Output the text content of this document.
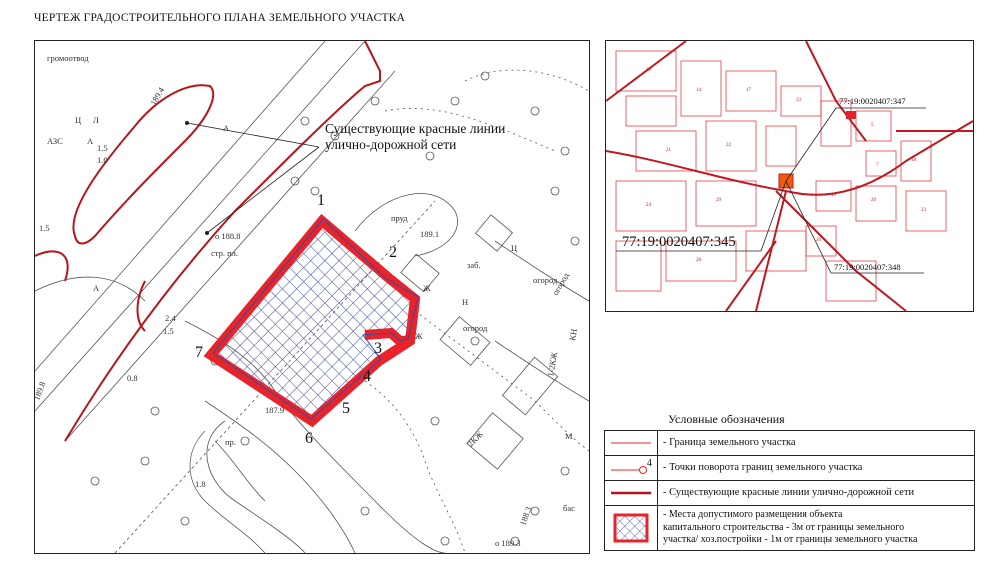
ЧЕРТЕЖ ГРАДОСТРОИТЕЛЬНОГО ПЛАНА ЗЕМЕЛЬНОГО УЧАСТКА
Существующие красные линии
улично-дорожной сети
1
2
3
4
5
6
7
громоотвод
АЗС
пруд
189.1
о 188.8
стр. пл.
заб.
огород
огород
огород
187.9
189.8
189.4
о 189.3
188.3
пр.	2КЖ
1-2КЖ
1.5
1.0
1.5
2.4
1.5
0.8
1.8
бас
А
А
А
Л
Ц
Ц
Н
Ж
Ж
М
КН
13
14	17
21
22
24
29
33
5
7
18
19
20
23
26
28
77:19:0020407:345
77:19:0020407:347
77:19:0020407:348
Условные обозначения
- Граница земельного участка
4 - Точки поворота границ земельного участка
- Существующие красные линии улично-дорожной сети
- Места допустимого размещения объекта
капитального строительства - 3м от границы земельного
участка/ хоз.постройки - 1м от границы земельного участка
